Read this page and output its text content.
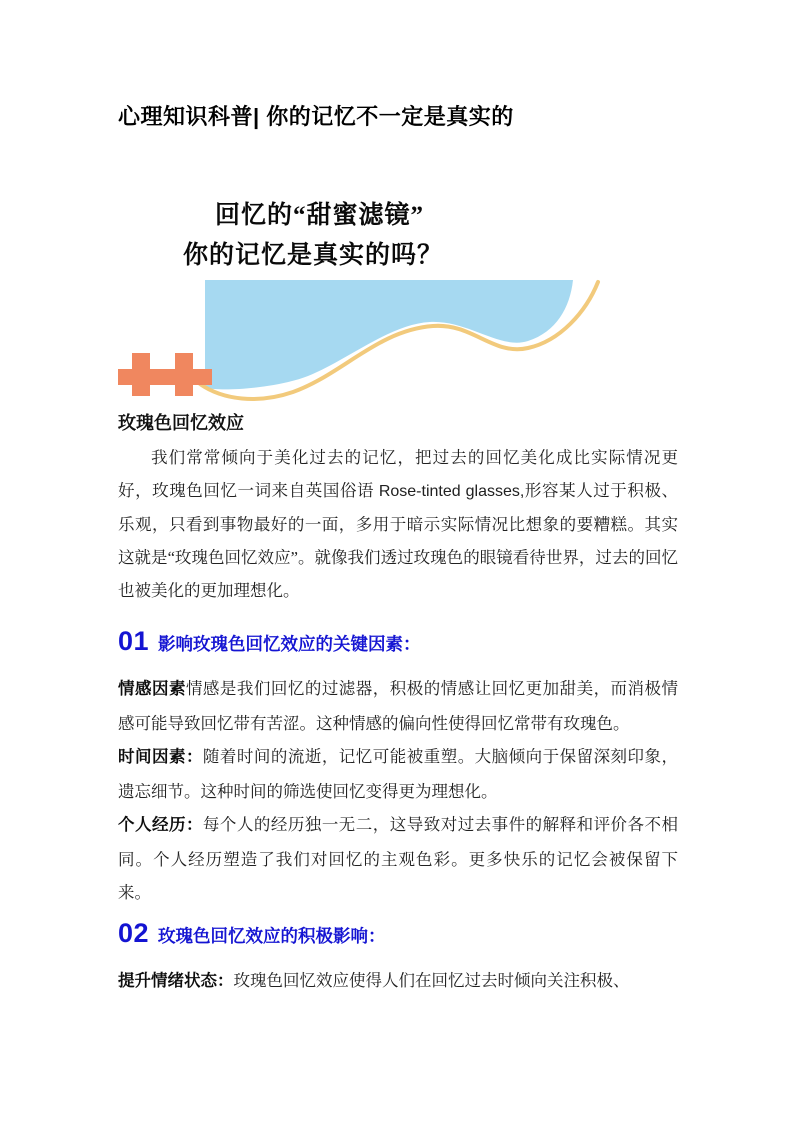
心理知识科普| 你的记忆不一定是真实的
回忆的“甜蜜滤镜”
你的记忆是真实的吗？
玫瑰色回忆效应
我们常常倾向于美化过去的记忆，把过去的回忆美化成比实际情况更好，玫瑰色回忆一词来自英国俗语 Rose-tinted glasses,形容某人过于积极、乐观，只看到事物最好的一面，多用于暗示实际情况比想象的要糟糕。其实这就是“玫瑰色回忆效应”。就像我们透过玫瑰色的眼镜看待世界，过去的回忆也被美化的更加理想化。
01 影响玫瑰色回忆效应的关键因素：

情感因素情感是我们回忆的过滤器，积极的情感让回忆更加甜美，而消极情感可能导致回忆带有苦涩。这种情感的偏向性使得回忆常带有玫瑰色。

时间因素：随着时间的流逝，记忆可能被重塑。大脑倾向于保留深刻印象，遗忘细节。这种时间的筛选使回忆变得更为理想化。

个人经历：每个人的经历独一无二，这导致对过去事件的解释和评价各不相同。个人经历塑造了我们对回忆的主观色彩。更多快乐的记忆会被保留下来。

02 玫瑰色回忆效应的积极影响：

提升情绪状态：玫瑰色回忆效应使得人们在回忆过去时倾向关注积极、
